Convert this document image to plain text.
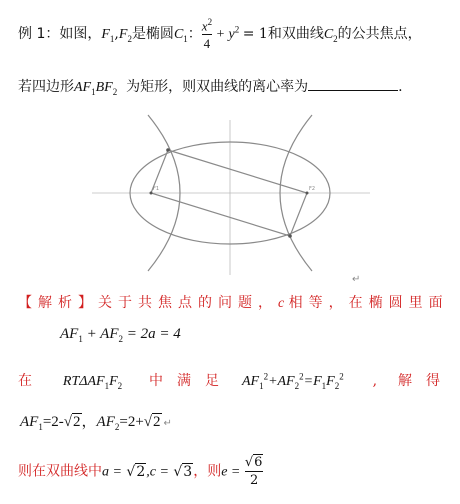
例 1：如图，$F_1,F_2$是椭圆$C_1$： $\frac{x^2}{4} + y^2 = 1$和双曲线$C_2$的公共焦点，
若四边形$AF_1BF_2$ 为矩形，则双曲线的离心率为	.
F1	F2
↵
【解析】关于共焦点的问题，c 相等，在椭圆里面
$AF_1 + AF_2 = 2a = 4$
在 $RT\Delta AF_1F_2$ 中 满 足 $AF_1^2+AF_2^2=F_1F_2^2$ , 解 得
$AF_1=2-√2$，$AF_2=2+√2$ ↵
则在双曲线中a = √2,c = √3，则$e = \frac{√6}{2}$
